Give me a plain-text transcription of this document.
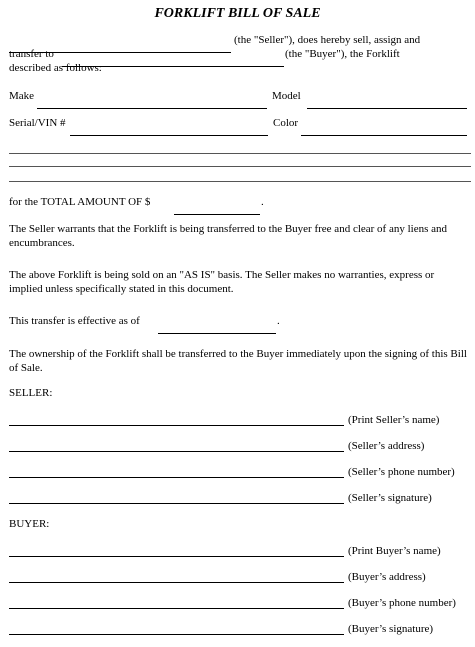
FORKLIFT BILL OF SALE
(the "Seller"), does hereby sell, assign and
transfer to	(the "Buyer"), the Forklift
described as follows:
Make	Model
Serial/VIN #	Color
for the TOTAL AMOUNT OF $	.
The Seller warrants that the Forklift is being transferred to the Buyer free and clear of any liens and encumbrances.
The above Forklift is being sold on an "AS IS" basis. The Seller makes no warranties, express or implied unless specifically stated in this document.
This transfer is effective as of	.
The ownership of the Forklift shall be transferred to the Buyer immediately upon the signing of this Bill of Sale.
SELLER:
(Print Seller’s name)
(Seller’s address)
(Seller’s phone number)
(Seller’s signature)
BUYER:
(Print Buyer’s name)
(Buyer’s address)
(Buyer’s phone number)
(Buyer’s signature)
